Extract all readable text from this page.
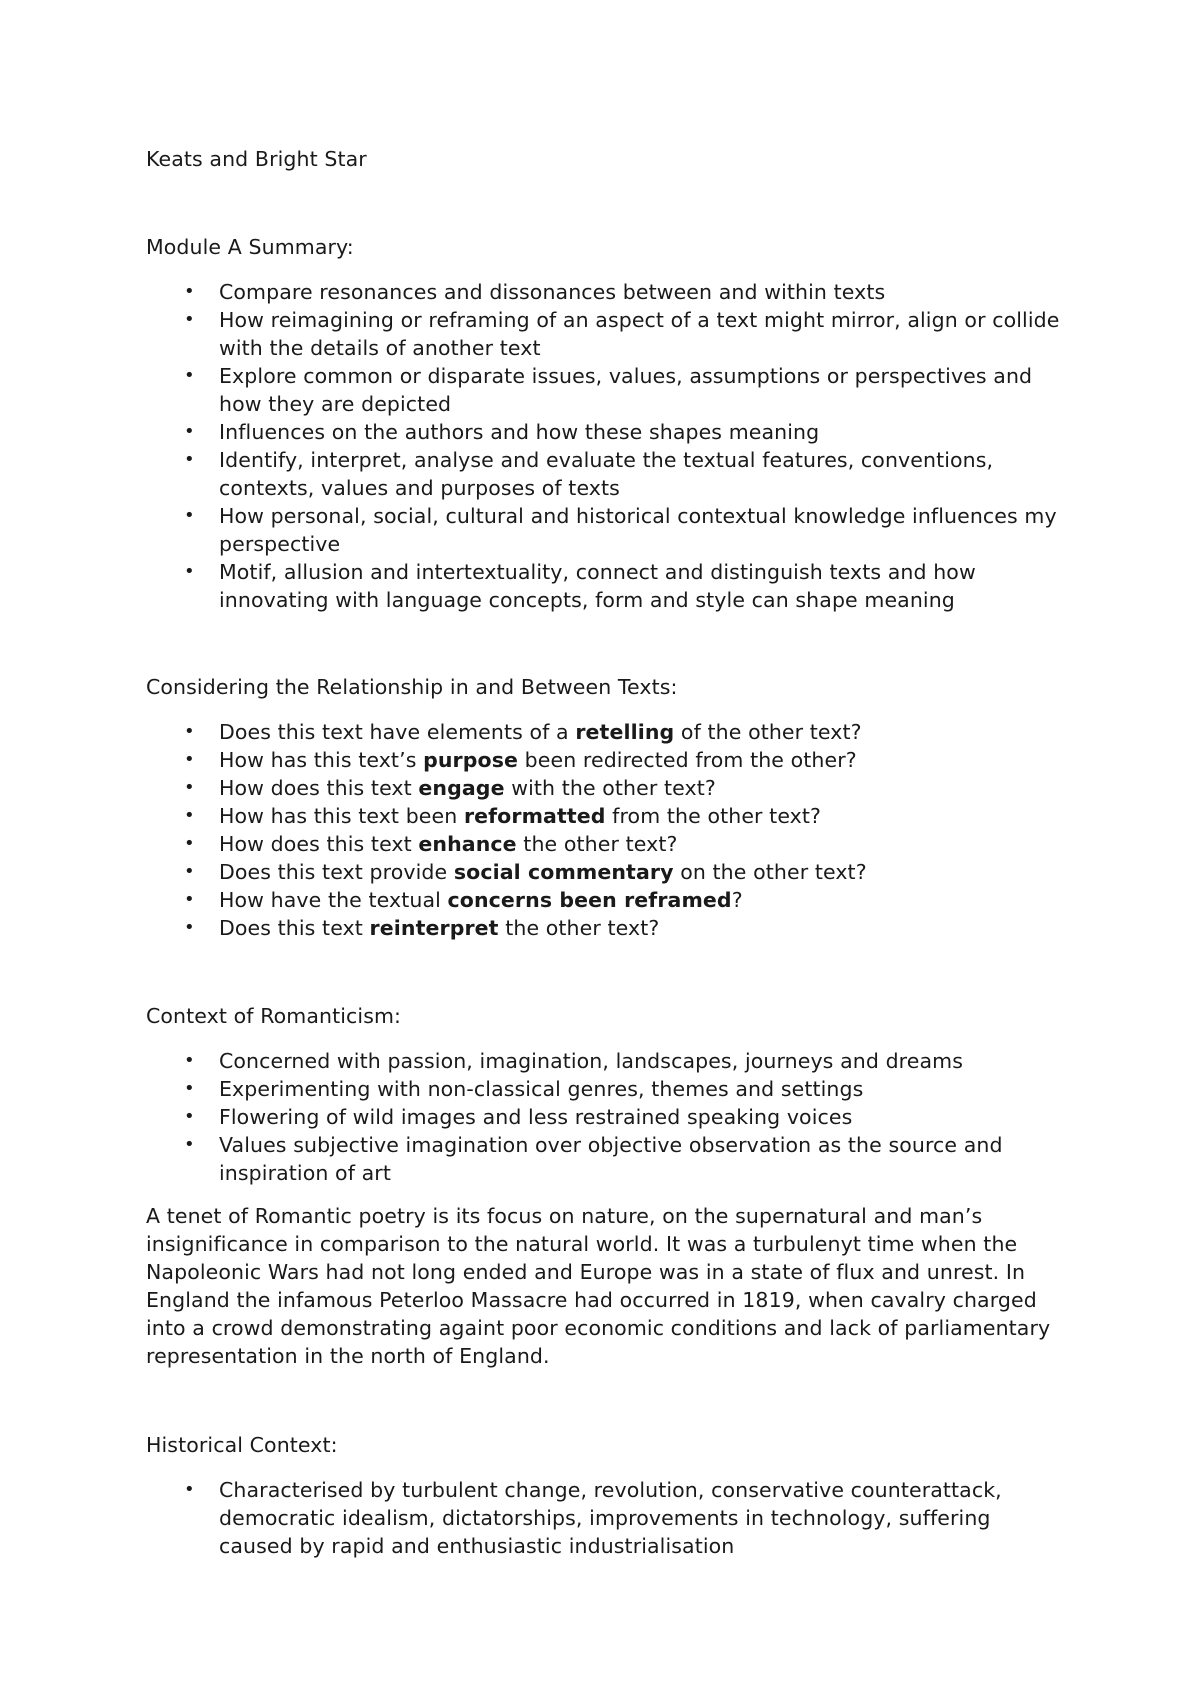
Keats and Bright Star
Module A Summary:
• Compare resonances and dissonances between and within texts
• How reimagining or reframing of an aspect of a text might mirror, align or collide with the details of another text
• Explore common or disparate issues, values, assumptions or perspectives and how they are depicted
• Influences on the authors and how these shapes meaning
• Identify, interpret, analyse and evaluate the textual features, conventions, contexts, values and purposes of texts
• How personal, social, cultural and historical contextual knowledge influences my perspective
• Motif, allusion and intertextuality, connect and distinguish texts and how innovating with language concepts, form and style can shape meaning
Considering the Relationship in and Between Texts:
• Does this text have elements of a retelling of the other text?
• How has this text’s purpose been redirected from the other?
• How does this text engage with the other text?
• How has this text been reformatted from the other text?
• How does this text enhance the other text?
• Does this text provide social commentary on the other text?
• How have the textual concerns been reframed?
• Does this text reinterpret the other text?
Context of Romanticism:
• Concerned with passion, imagination, landscapes, journeys and dreams
• Experimenting with non-classical genres, themes and settings
• Flowering of wild images and less restrained speaking voices
• Values subjective imagination over objective observation as the source and inspiration of art

A tenet of Romantic poetry is its focus on nature, on the supernatural and man’s insignificance in comparison to the natural world. It was a turbulenyt time when the Napoleonic Wars had not long ended and Europe was in a state of flux and unrest. In England the infamous Peterloo Massacre had occurred in 1819, when cavalry charged into a crowd demonstrating againt poor economic conditions and lack of parliamentary representation in the north of England.

Historical Context:
• Characterised by turbulent change, revolution, conservative counterattack, democratic idealism, dictatorships, improvements in technology, suffering caused by rapid and enthusiastic industrialisation
